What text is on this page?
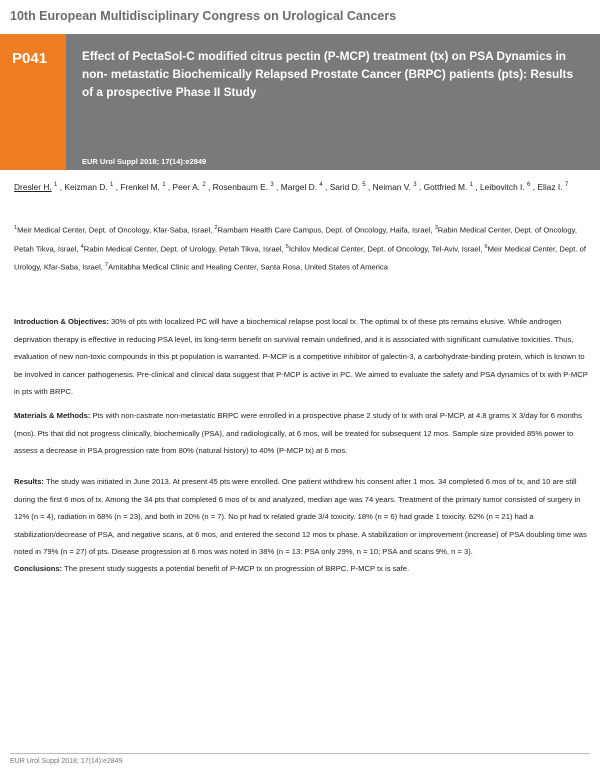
10th European Multidisciplinary Congress on Urological Cancers
P041	Effect of PectaSol-C modified citrus pectin (P-MCP) treatment (tx) on PSA Dynamics in non- metastatic Biochemically Relapsed Prostate Cancer (BRPC) patients (pts): Results of a prospective Phase II Study
EUR Urol Suppl 2018; 17(14):e2849
Dresler H. $^1$ , Keizman D. $^1$ , Frenkel M. $^1$ , Peer A. $^2$ , Rosenbaum E. $^3$ , Margel D. $^4$ , Sarid D. $^5$ , Neiman V. $^3$ , Gottfried M. $^1$ , Leibovitch I. $^6$ , Eliaz I. $^7$
$^1$Meir Medical Center, Dept. of Oncology, Kfar-Saba, Israel, $^2$Rambam Health Care Campus, Dept. of Oncology, Haifa, Israel, $^3$Rabin Medical Center, Dept. of Oncology, Petah Tikva, Israel, $^4$Rabin Medical Center, Dept. of Urology, Petah Tikva, Israel, $^5$Ichilov Medical Center, Dept. of Oncology, Tel-Aviv, Israel, $^6$Meir Medical Center, Dept. of Urology, Kfar-Saba, Israel, $^7$Amitabha Medical Clinic and Healing Center, Santa Rosa, United States of America
Introduction & Objectives: 30% of pts with localized PC will have a biochemical relapse post local tx. The optimal tx of these pts remains elusive. While androgen deprivation therapy is effective in reducing PSA level, its long-term benefit on survival remain undefined, and it is associated with significant cumulative toxicities. Thus, evaluation of new non-toxic compounds in this pt population is warranted. P-MCP is a competitive inhibitor of galectin-3, a carbohydrate-binding protein, which is known to be involved in cancer pathogenesis. Pre-clinical and clinical data suggest that P-MCP is active in PC. We aimed to evaluate the safety and PSA dynamics of tx with P-MCP in pts with BRPC.
Materials & Methods: Pts with non-castrate non-metastatic BRPC were enrolled in a prospective phase 2 study of tx with oral P-MCP, at 4.8 grams X 3/day for 6 months (mos). Pts that did not progress clinically, biochemically (PSA), and radiologically, at 6 mos, will be treated for subsequent 12 mos. Sample size provided 85% power to assess a decrease in PSA progression rate from 80% (natural history) to 40% (P-MCP tx) at 6 mos.
Results: The study was initiated in June 2013. At present 45 pts were enrolled. One patient withdrew his consent after 1 mos. 34 completed 6 mos of tx, and 10 are still during the first 6 mos of tx. Among the 34 pts that completed 6 mos of tx and analyzed, median age was 74 years. Treatment of the primary tumor consisted of surgery in 12% (n = 4), radiation in 68% (n = 23), and both in 20% (n = 7). No pt had tx related grade 3/4 toxicity. 18% (n = 6) had grade 1 toxicity. 62% (n = 21) had a stabilization/decrease of PSA, and negative scans, at 6 mos, and entered the second 12 mos tx phase. A stabilization or improvement (increase) of PSA doubling time was noted in 79% (n = 27) of pts. Disease progression at 6 mos was noted in 38% (n = 13: PSA only 29%, n = 10; PSA and scans 9%, n = 3).
Conclusions: The present study suggests a potential benefit of P-MCP tx on progression of BRPC. P-MCP tx is safe.
EUR Urol Suppl 2018; 17(14):e2849
